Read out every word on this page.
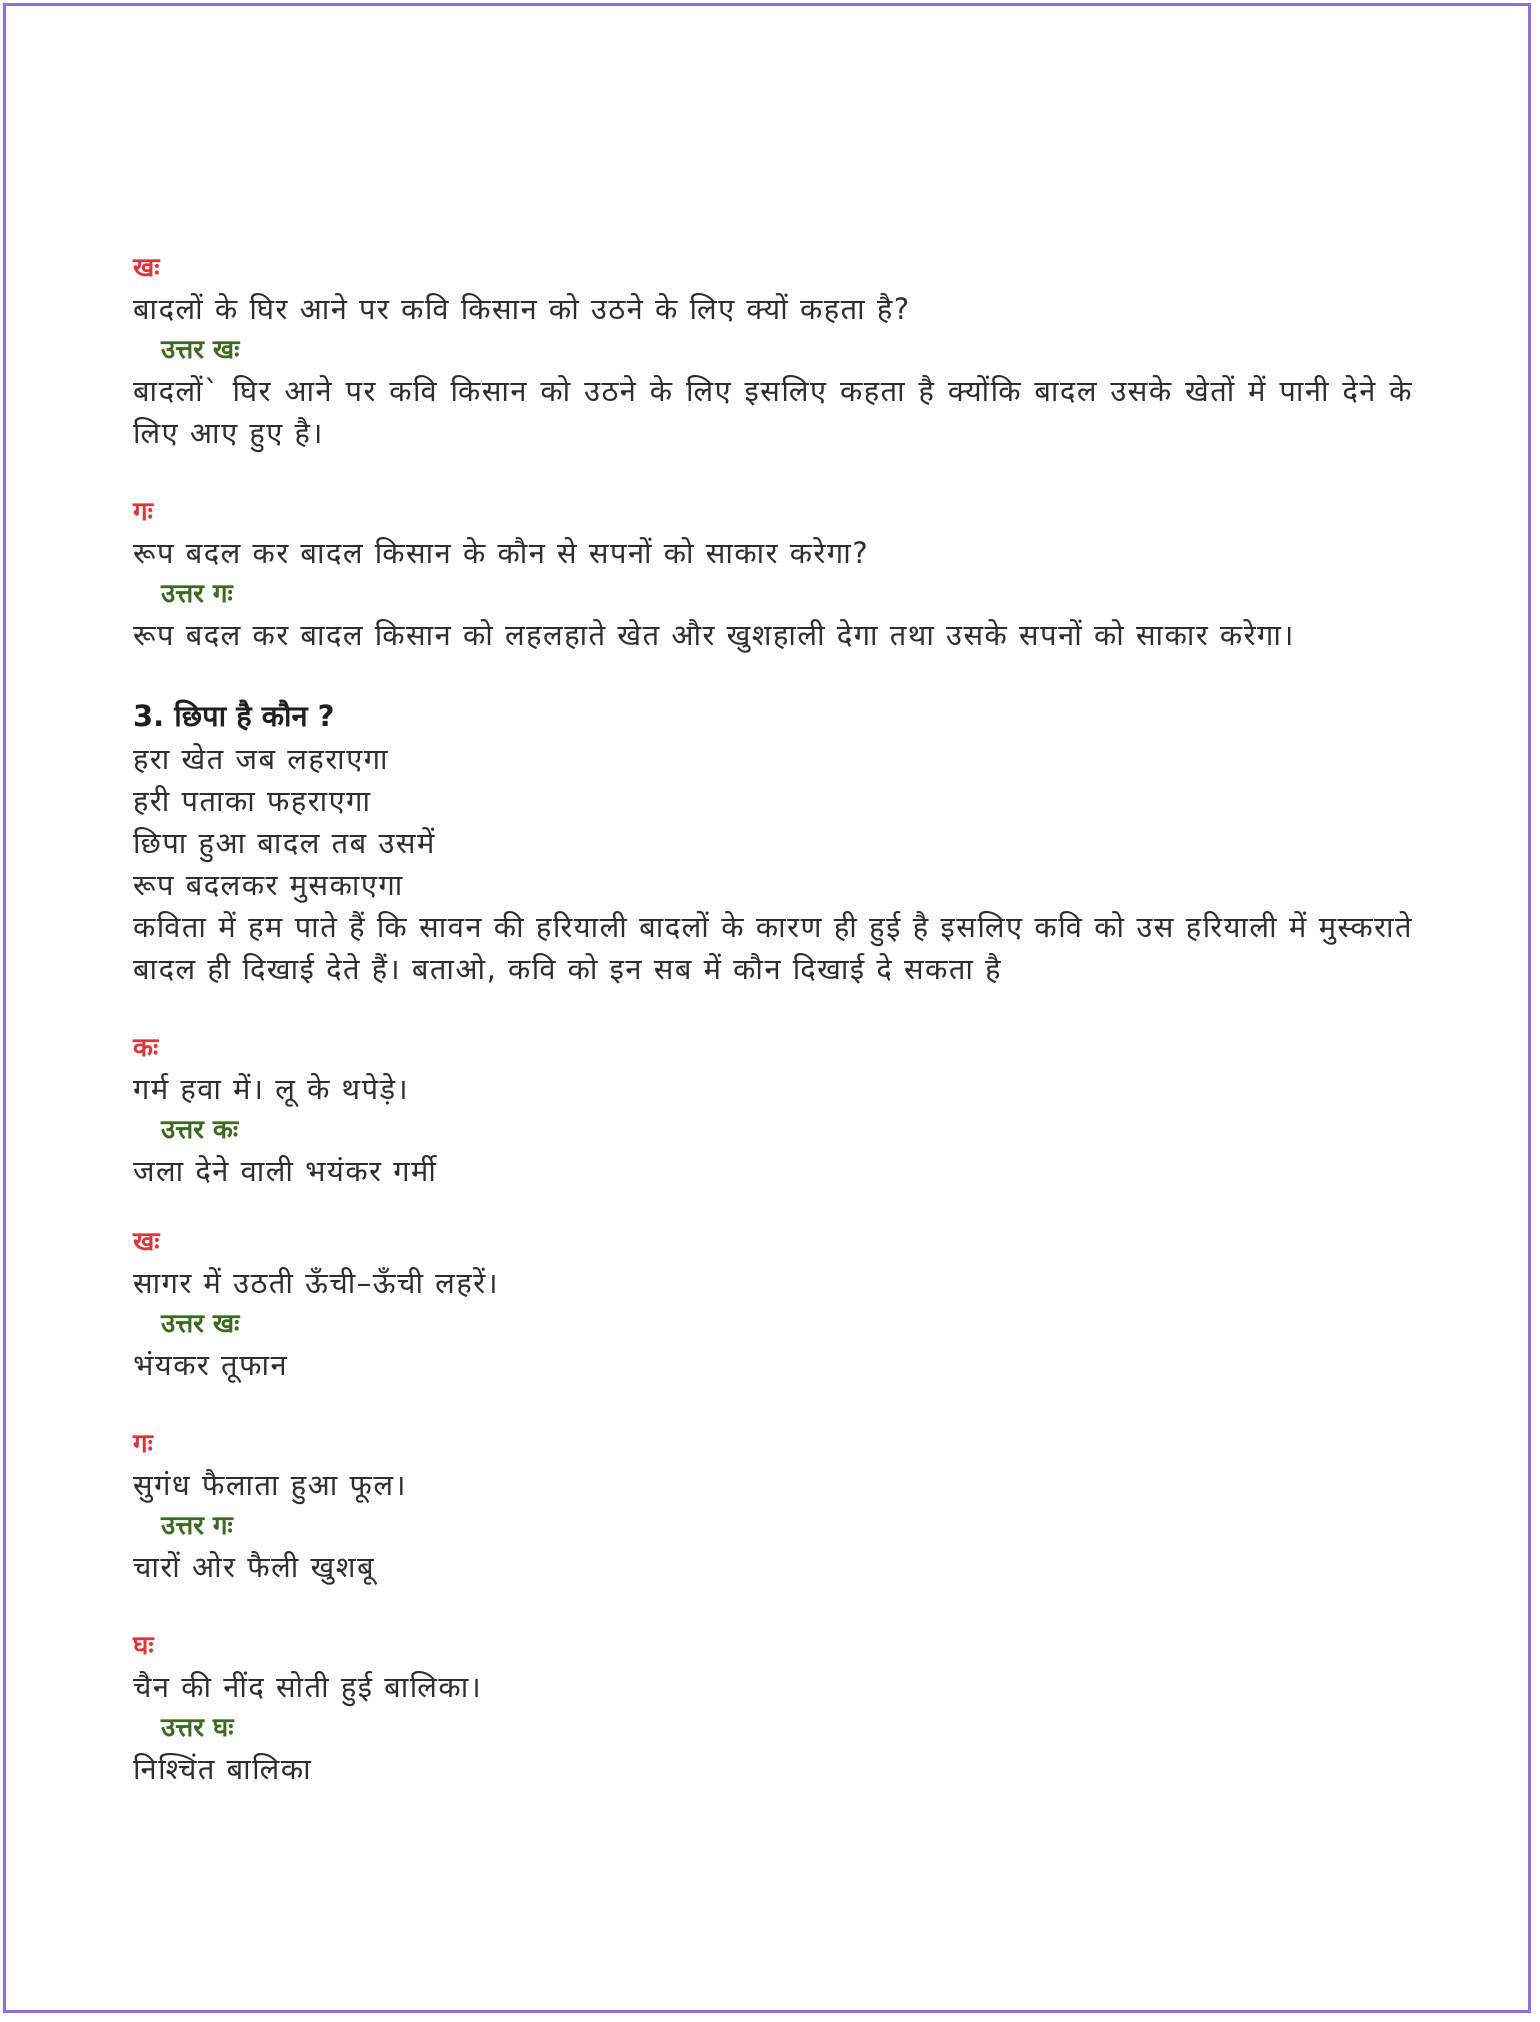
खः

बादलों के घिर आने पर कवि किसान को उठने के लिए क्यों कहता है?

उत्तर खः

बादलों` घिर आने पर कवि किसान को उठने के लिए इसलिए कहता है क्योंकि बादल उसके खेतों में पानी देने के लिए आए हुए है।

गः

रूप बदल कर बादल किसान के कौन से सपनों को साकार करेगा?

उत्तर गः

रूप बदल कर बादल किसान को लहलहाते खेत और खुशहाली देगा तथा उसके सपनों को साकार करेगा।

3. छिपा है कौन ?

हरा खेत जब लहराएगा

हरी पताका फहराएगा

छिपा हुआ बादल तब उसमें

रूप बदलकर मुसकाएगा

कविता में हम पाते हैं कि सावन की हरियाली बादलों के कारण ही हुई है इसलिए कवि को उस हरियाली में मुस्कराते बादल ही दिखाई देते हैं। बताओ, कवि को इन सब में कौन दिखाई दे सकता है

कः

गर्म हवा में। लू के थपेड़े।

उत्तर कः

जला देने वाली भयंकर गर्मी

खः

सागर में उठती ऊँची–ऊँची लहरें।

उत्तर खः

भंयकर तूफान

गः

सुगंध फैलाता हुआ फूल।

उत्तर गः

चारों ओर फैली खुशबू

घः

चैन की नींद सोती हुई बालिका।

उत्तर घः

निश्चिंत बालिका
